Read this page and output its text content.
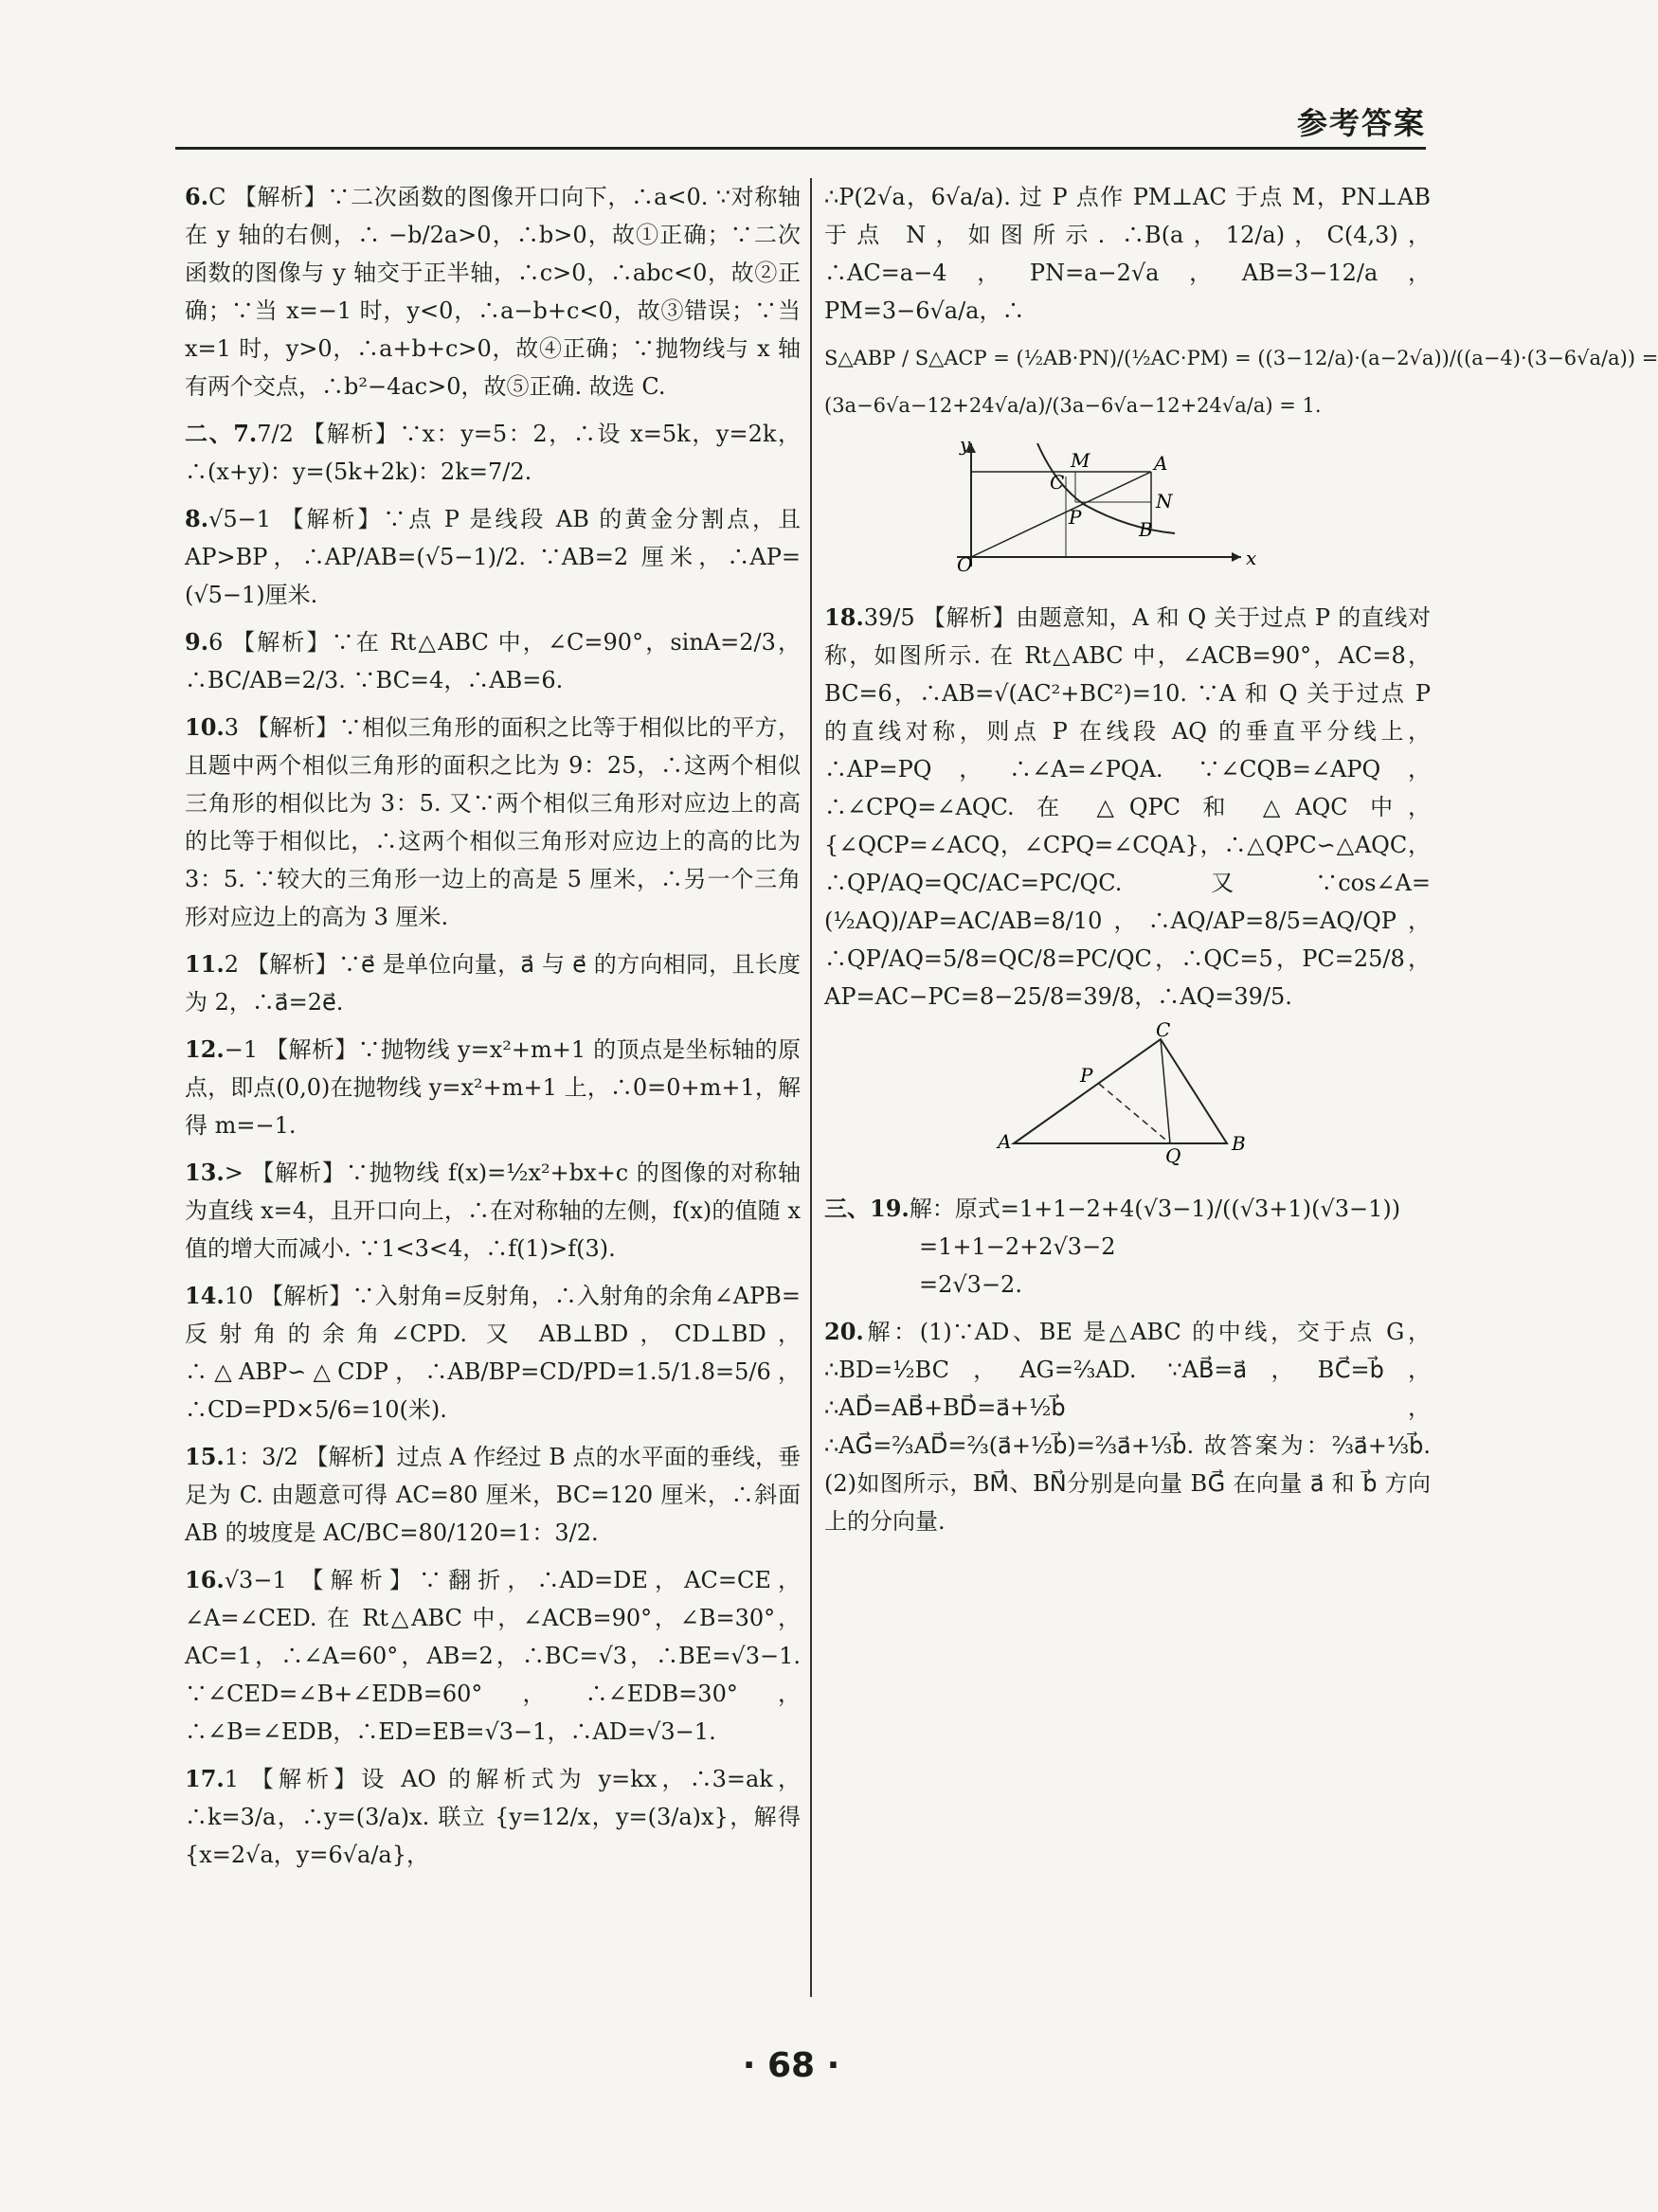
参考答案
6.C 【解析】∵二次函数的图像开口向下，∴a<0. ∵对称轴在 y 轴的右侧，∴ −b/2a>0，∴b>0，故①正确；∵二次函数的图像与 y 轴交于正半轴，∴c>0，∴abc<0，故②正确；∵当 x=−1 时，y<0，∴a−b+c<0，故③错误；∵当 x=1 时，y>0，∴a+b+c>0，故④正确；∵抛物线与 x 轴有两个交点，∴b²−4ac>0，故⑤正确. 故选 C.
二、7.7/2 【解析】∵x：y=5：2，∴设 x=5k，y=2k，∴(x+y)：y=(5k+2k)：2k=7/2.
8.√5−1 【解析】∵点 P 是线段 AB 的黄金分割点，且 AP>BP，∴AP/AB=(√5−1)/2. ∵AB=2 厘米，∴AP=(√5−1)厘米.
9.6 【解析】∵在 Rt△ABC 中，∠C=90°，sinA=2/3，∴BC/AB=2/3. ∵BC=4，∴AB=6.
10.3 【解析】∵相似三角形的面积之比等于相似比的平方，且题中两个相似三角形的面积之比为 9：25，∴这两个相似三角形的相似比为 3：5. 又∵两个相似三角形对应边上的高的比等于相似比，∴这两个相似三角形对应边上的高的比为 3：5. ∵较大的三角形一边上的高是 5 厘米，∴另一个三角形对应边上的高为 3 厘米.
11.2 【解析】∵e⃗ 是单位向量，a⃗ 与 e⃗ 的方向相同，且长度为 2，∴a⃗=2e⃗.
12.−1 【解析】∵抛物线 y=x²+m+1 的顶点是坐标轴的原点，即点(0,0)在抛物线 y=x²+m+1 上，∴0=0+m+1，解得 m=−1.
13.> 【解析】∵抛物线 f(x)=½x²+bx+c 的图像的对称轴为直线 x=4，且开口向上，∴在对称轴的左侧，f(x)的值随 x 值的增大而减小. ∵1<3<4，∴f(1)>f(3).
14.10 【解析】∵入射角=反射角，∴入射角的余角∠APB=反射角的余角∠CPD. 又 AB⊥BD，CD⊥BD，∴△ABP∽△CDP，∴AB/BP=CD/PD=1.5/1.8=5/6，∴CD=PD×5/6=10(米).
15.1：3/2 【解析】过点 A 作经过 B 点的水平面的垂线，垂足为 C. 由题意可得 AC=80 厘米，BC=120 厘米，∴斜面 AB 的坡度是 AC/BC=80/120=1：3/2.
16.√3−1 【解析】∵翻折，∴AD=DE，AC=CE，∠A=∠CED. 在 Rt△ABC 中，∠ACB=90°，∠B=30°，AC=1，∴∠A=60°，AB=2，∴BC=√3，∴BE=√3−1. ∵∠CED=∠B+∠EDB=60°，∴∠EDB=30°，∴∠B=∠EDB，∴ED=EB=√3−1，∴AD=√3−1.
17.1 【解析】设 AO 的解析式为 y=kx，∴3=ak，∴k=3/a，∴y=(3/a)x. 联立 {y=12/x，y=(3/a)x}，解得 {x=2√a，y=6√a/a}，
∴P(2√a，6√a/a). 过 P 点作 PM⊥AC 于点 M，PN⊥AB 于点 N，如图所示. ∴B(a，12/a)，C(4,3)，∴AC=a−4，PN=a−2√a，AB=3−12/a，PM=3−6√a/a，∴
S△ABP / S△ACP = (½AB·PN)/(½AC·PM) = ((3−12/a)·(a−2√a))/((a−4)·(3−6√a/a)) =
(3a−6√a−12+24√a/a)/(3a−6√a−12+24√a/a) = 1.
y
x
O
M	A
C
N
P
B
18.39/5 【解析】由题意知，A 和 Q 关于过点 P 的直线对称，如图所示. 在 Rt△ABC 中，∠ACB=90°，AC=8，BC=6，∴AB=√(AC²+BC²)=10. ∵A 和 Q 关于过点 P 的直线对称，则点 P 在线段 AQ 的垂直平分线上，∴AP=PQ，∴∠A=∠PQA. ∵∠CQB=∠APQ，∴∠CPQ=∠AQC. 在 △QPC 和 △AQC 中，{∠QCP=∠ACQ，∠CPQ=∠CQA}，∴△QPC∽△AQC，∴QP/AQ=QC/AC=PC/QC. 又∵cos∠A=(½AQ)/AP=AC/AB=8/10，∴AQ/AP=8/5=AQ/QP，∴QP/AQ=5/8=QC/8=PC/QC，∴QC=5，PC=25/8，AP=AC−PC=8−25/8=39/8，∴AQ=39/5.
C
P
A
Q
B
三、19.解：原式=1+1−2+4(√3−1)/((√3+1)(√3−1))
=1+1−2+2√3−2
=2√3−2.
20.解：(1)∵AD、BE 是△ABC 的中线，交于点 G，∴BD=½BC，AG=⅔AD. ∵AB⃗=a⃗，BC⃗=b⃗，∴AD⃗=AB⃗+BD⃗=a⃗+½b⃗，∴AG⃗=⅔AD⃗=⅔(a⃗+½b⃗)=⅔a⃗+⅓b⃗. 故答案为：⅔a⃗+⅓b⃗. (2)如图所示，BM⃗、BN⃗分别是向量 BG⃗ 在向量 a⃗ 和 b⃗ 方向上的分向量.
· 68 ·
